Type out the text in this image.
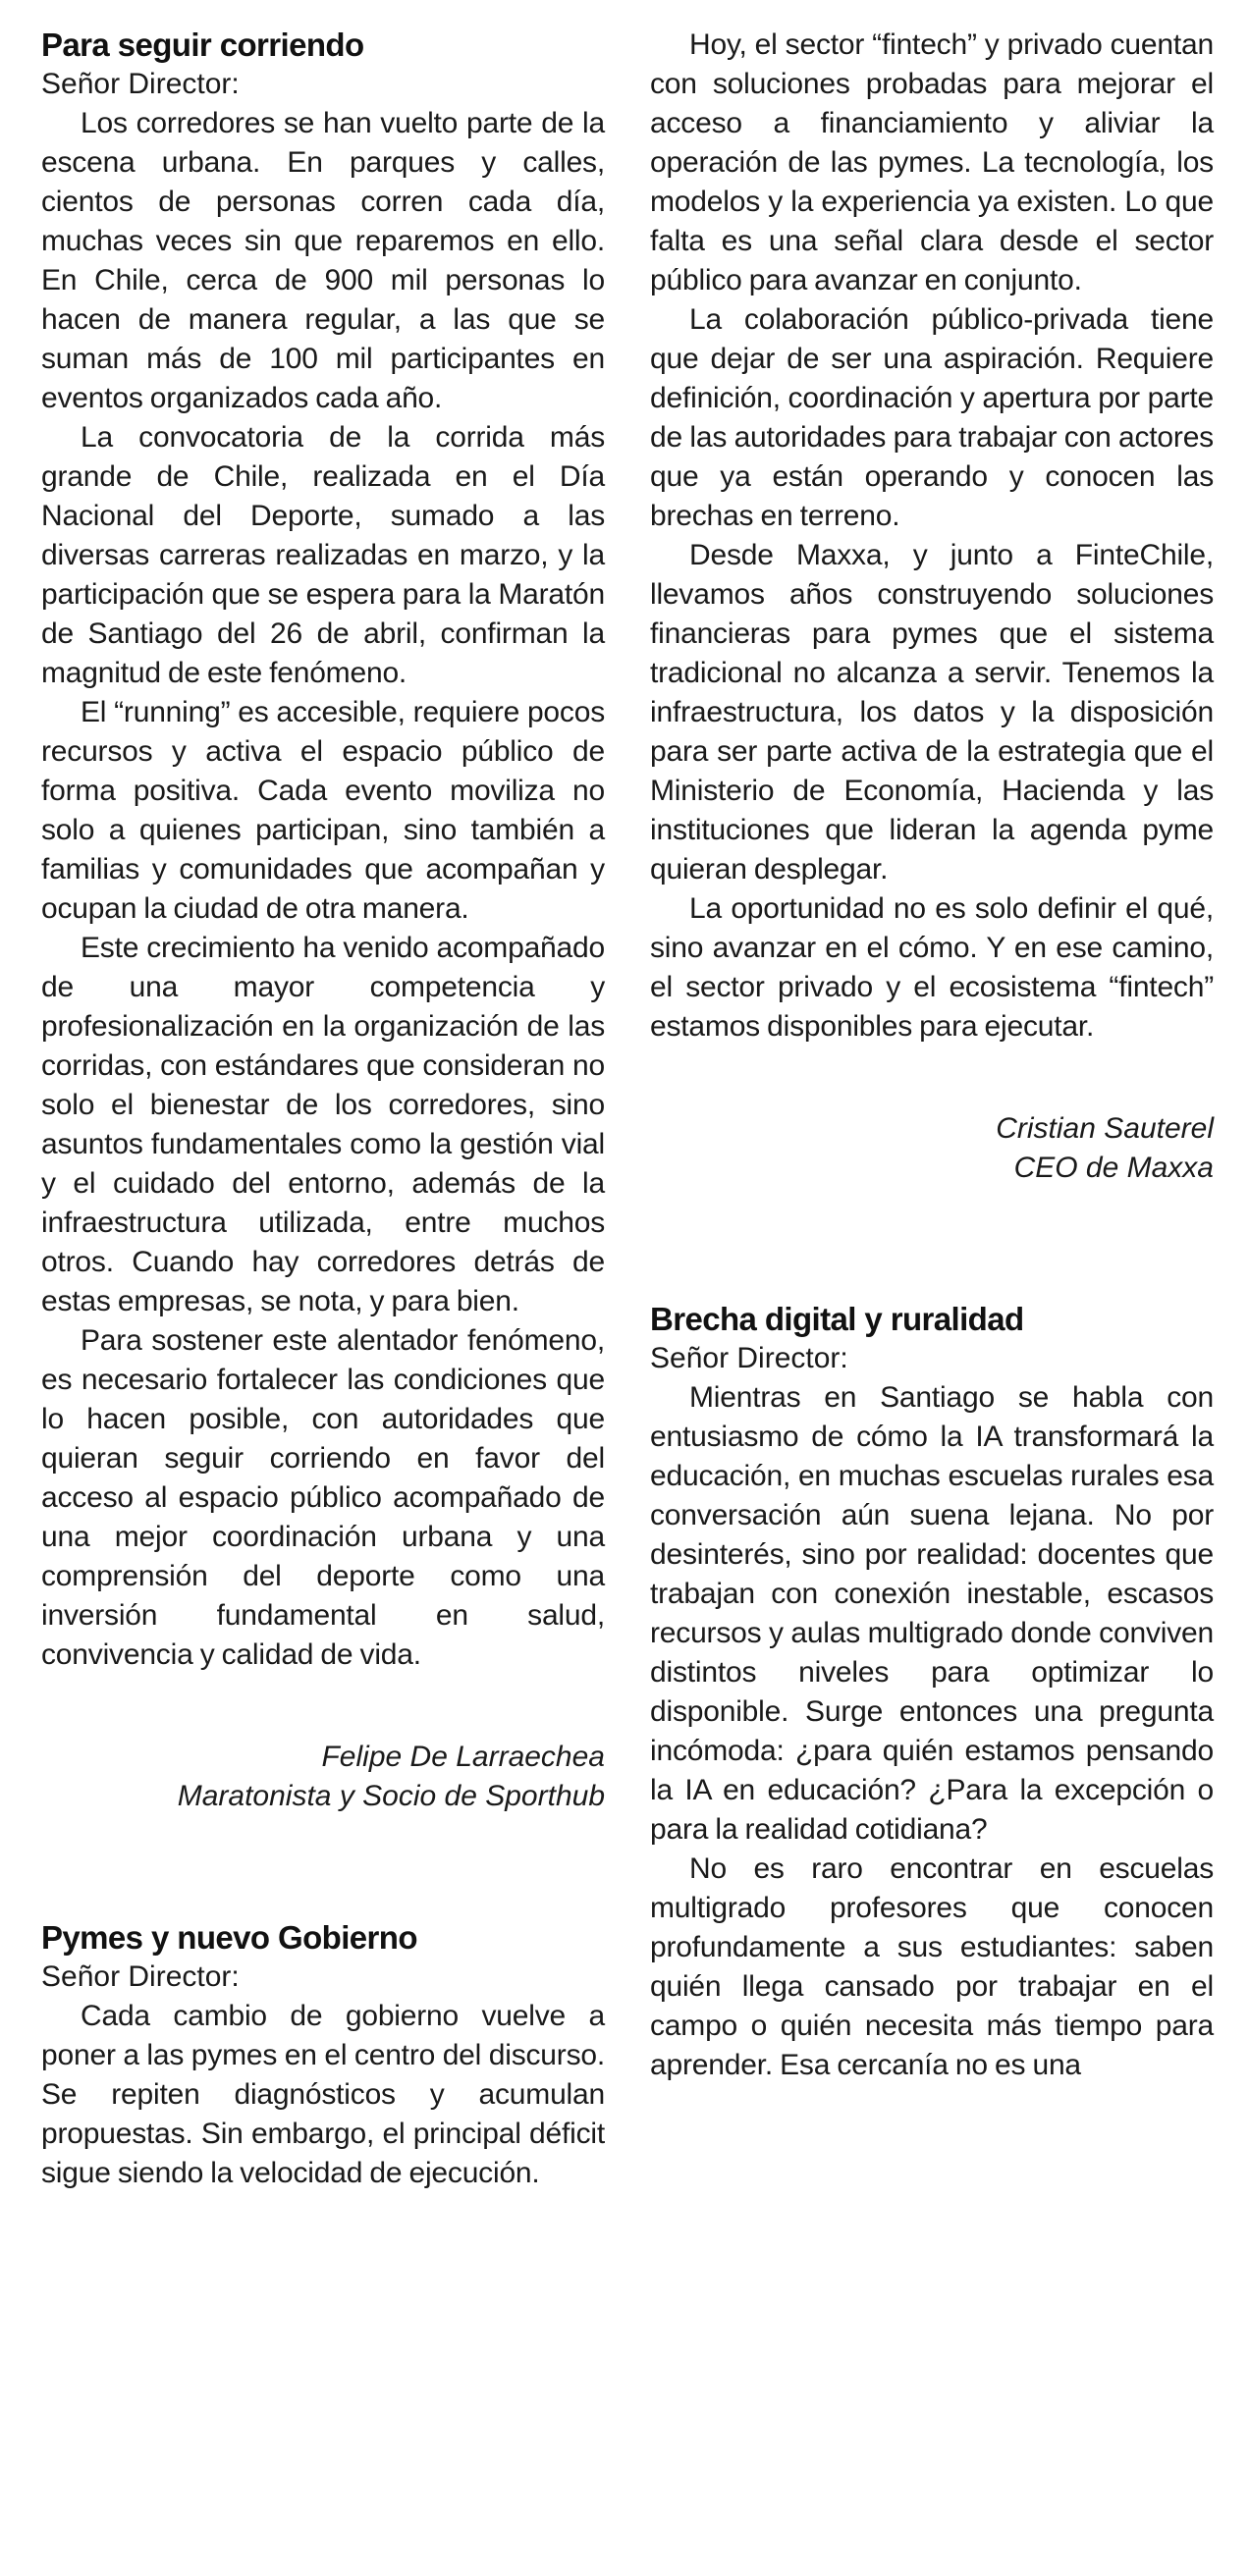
Para seguir corriendo

Señor Director:

Los corredores se han vuelto parte de la escena urbana. En parques y calles, cientos de personas corren cada día, muchas veces sin que reparemos en ello. En Chile, cerca de 900 mil personas lo hacen de manera regular, a las que se suman más de 100 mil participantes en eventos organizados cada año.

La convocatoria de la corrida más grande de Chile, realizada en el Día Nacional del Deporte, sumado a las diversas carreras realizadas en marzo, y la participación que se espera para la Maratón de Santiago del 26 de abril, confirman la magnitud de este fenómeno.

El “running” es accesible, requiere pocos recursos y activa el espacio público de forma positiva. Cada evento moviliza no solo a quienes participan, sino también a familias y comunidades que acompañan y ocupan la ciudad de otra manera.

Este crecimiento ha venido acompañado de una mayor competencia y profesionalización en la organización de las corridas, con estándares que consideran no solo el bienestar de los corredores, sino asuntos fundamentales como la gestión vial y el cuidado del entorno, además de la infraestructura utilizada, entre muchos otros. Cuando hay corredores detrás de estas empresas, se nota, y para bien.

Para sostener este alentador fenómeno, es necesario fortalecer las condiciones que lo hacen posible, con autoridades que quieran seguir corriendo en favor del acceso al espacio público acompañado de una mejor coordinación urbana y una comprensión del deporte como una inversión fundamental en salud, convivencia y calidad de vida.

Felipe De Larraechea

Maratonista y Socio de Sporthub

Pymes y nuevo Gobierno

Señor Director:

Cada cambio de gobierno vuelve a poner a las pymes en el centro del discurso. Se repiten diagnósticos y acumulan propuestas. Sin embargo, el principal déficit sigue siendo la velocidad de ejecución.

Hoy, el sector “fintech” y privado cuentan con soluciones probadas para mejorar el acceso a financiamiento y aliviar la operación de las pymes. La tecnología, los modelos y la experiencia ya existen. Lo que falta es una señal clara desde el sector público para avanzar en conjunto.

La colaboración público-privada tiene que dejar de ser una aspiración. Requiere definición, coordinación y apertura por parte de las autoridades para trabajar con actores que ya están operando y conocen las brechas en terreno.

Desde Maxxa, y junto a FinteChile, llevamos años construyendo soluciones financieras para pymes que el sistema tradicional no alcanza a servir. Tenemos la infraestructura, los datos y la disposición para ser parte activa de la estrategia que el Ministerio de Economía, Hacienda y las instituciones que lideran la agenda pyme quieran desplegar.

La oportunidad no es solo definir el qué, sino avanzar en el cómo. Y en ese camino, el sector privado y el ecosistema “fintech” estamos disponibles para ejecutar.

Cristian Sauterel

CEO de Maxxa

Brecha digital y ruralidad

Señor Director:

Mientras en Santiago se habla con entusiasmo de cómo la IA transformará la educación, en muchas escuelas rurales esa conversación aún suena lejana. No por desinterés, sino por realidad: docentes que trabajan con conexión inestable, escasos recursos y aulas multigrado donde conviven distintos niveles para optimizar lo disponible. Surge entonces una pregunta incómoda: ¿para quién estamos pensando la IA en educación? ¿Para la excepción o para la realidad cotidiana?

No es raro encontrar en escuelas multigrado profesores que conocen profundamente a sus estudiantes: saben quién llega cansado por trabajar en el campo o quién necesita más tiempo para aprender. Esa cercanía no es una
